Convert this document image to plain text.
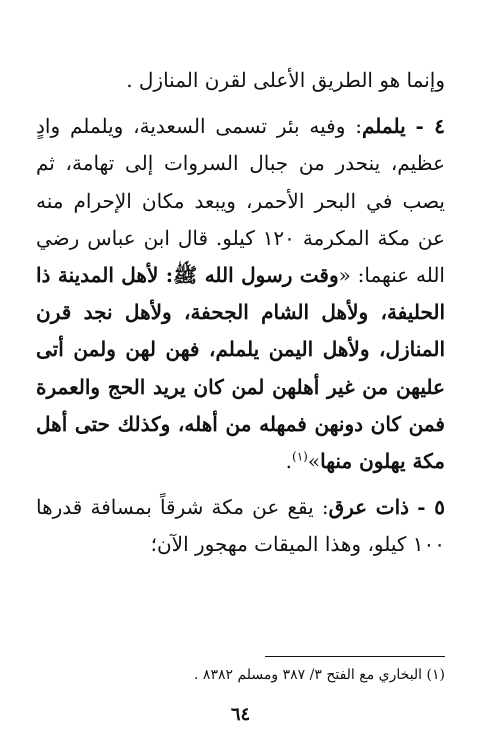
وإنما هو الطريق الأعلى لقرن المنازل .

٤ - يلملم: وفيه بئر تسمى السعدية، ويلملم وادٍ عظيم، ينحدر من جبال السروات إلى تهامة، ثم يصب في البحر الأحمر، ويبعد مكان الإحرام منه عن مكة المكرمة ١٢٠ كيلو. قال ابن عباس رضي الله عنهما: «وقت رسول الله ﷺ: لأهل المدينة ذا الحليفة، ولأهل الشام الجحفة، ولأهل نجد قرن المنازل، ولأهل اليمن يلملم، فهن لهن ولمن أتى عليهن من غير أهلهن لمن كان يريد الحج والعمرة فمن كان دونهن فمهله من أهله، وكذلك حتى أهل مكة يهلون منها»$^{(١)}$.

٥ - ذات عرق: يقع عن مكة شرقاً بمسافة قدرها ١٠٠ كيلو، وهذا الميقات مهجور الآن؛

(١) البخاري مع الفتح ٣/ ٣٨٧ ومسلم ٨٣٨٢ .

٦٤
